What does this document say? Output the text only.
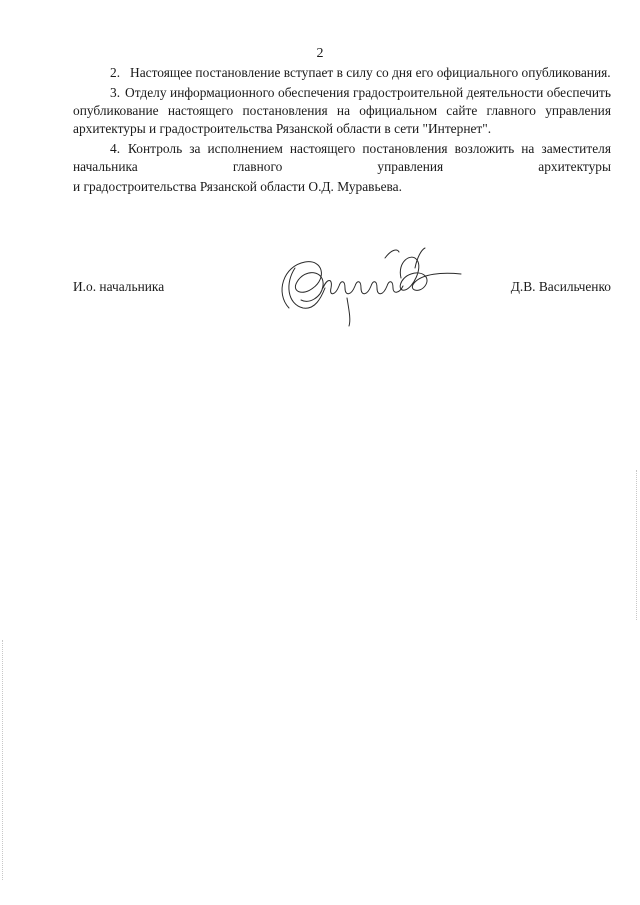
2

2. Настоящее постановление вступает в силу со дня его официального опубликования.

3. Отделу информационного обеспечения градостроительной деятельности обеспечить опубликование настоящего постановления на официальном сайте главного управления архитектуры и градостроительства Рязанской области в сети "Интернет".

4. Контроль за исполнением настоящего постановления возложить на заместителя начальника главного управления архитектуры

и градостроительства Рязанской области О.Д. Муравьева.

И.о. начальника	Д.В. Васильченко
